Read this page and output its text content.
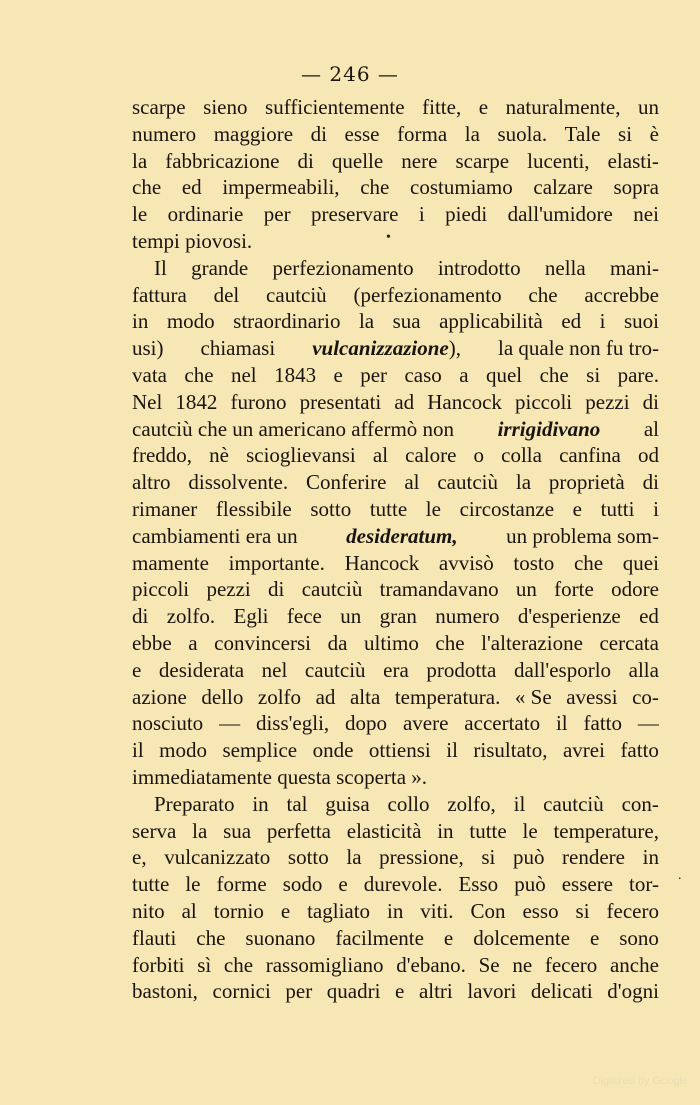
— 246 —
scarpe sieno sufficientemente fitte, e naturalmente, un
numero maggiore di esse forma la suola. Tale si è
la fabbricazione di quelle nere scarpe lucenti, elasti-
che ed impermeabili, che costumiamo calzare sopra
le ordinarie per preservare i piedi dall'umidore nei
tempi piovosi.
Il grande perfezionamento introdotto nella mani-
fattura del cautciù (perfezionamento che accrebbe
in modo straordinario la sua applicabilità ed i suoi
usi) chiamasi vulcanizzazione), la quale non fu tro-
vata che nel 1843 e per caso a quel che si pare.
Nel 1842 furono presentati ad Hancock piccoli pezzi di
cautciù che un americano affermò non irrigidivano al
freddo, nè scioglievansi al calore o colla canfina od
altro dissolvente. Conferire al cautciù la proprietà di
rimaner flessibile sotto tutte le circostanze e tutti i
cambiamenti era un desideratum, un problema som-
mamente importante. Hancock avvisò tosto che quei
piccoli pezzi di cautciù tramandavano un forte odore
di zolfo. Egli fece un gran numero d'esperienze ed
ebbe a convincersi da ultimo che l'alterazione cercata
e desiderata nel cautciù era prodotta dall'esporlo alla
azione dello zolfo ad alta temperatura. « Se avessi co-
nosciuto — diss'egli, dopo avere accertato il fatto —
il modo semplice onde ottiensi il risultato, avrei fatto
immediatamente questa scoperta ».
Preparato in tal guisa collo zolfo, il cautciù con-
serva la sua perfetta elasticità in tutte le temperature,
e, vulcanizzato sotto la pressione, si può rendere in
tutte le forme sodo e durevole. Esso può essere tor-
nito al tornio e tagliato in viti. Con esso si fecero
flauti che suonano facilmente e dolcemente e sono
forbiti sì che rassomigliano d'ebano. Se ne fecero anche
bastoni, cornici per quadri e altri lavori delicati d'ogni
•
.
Digitized by Google
